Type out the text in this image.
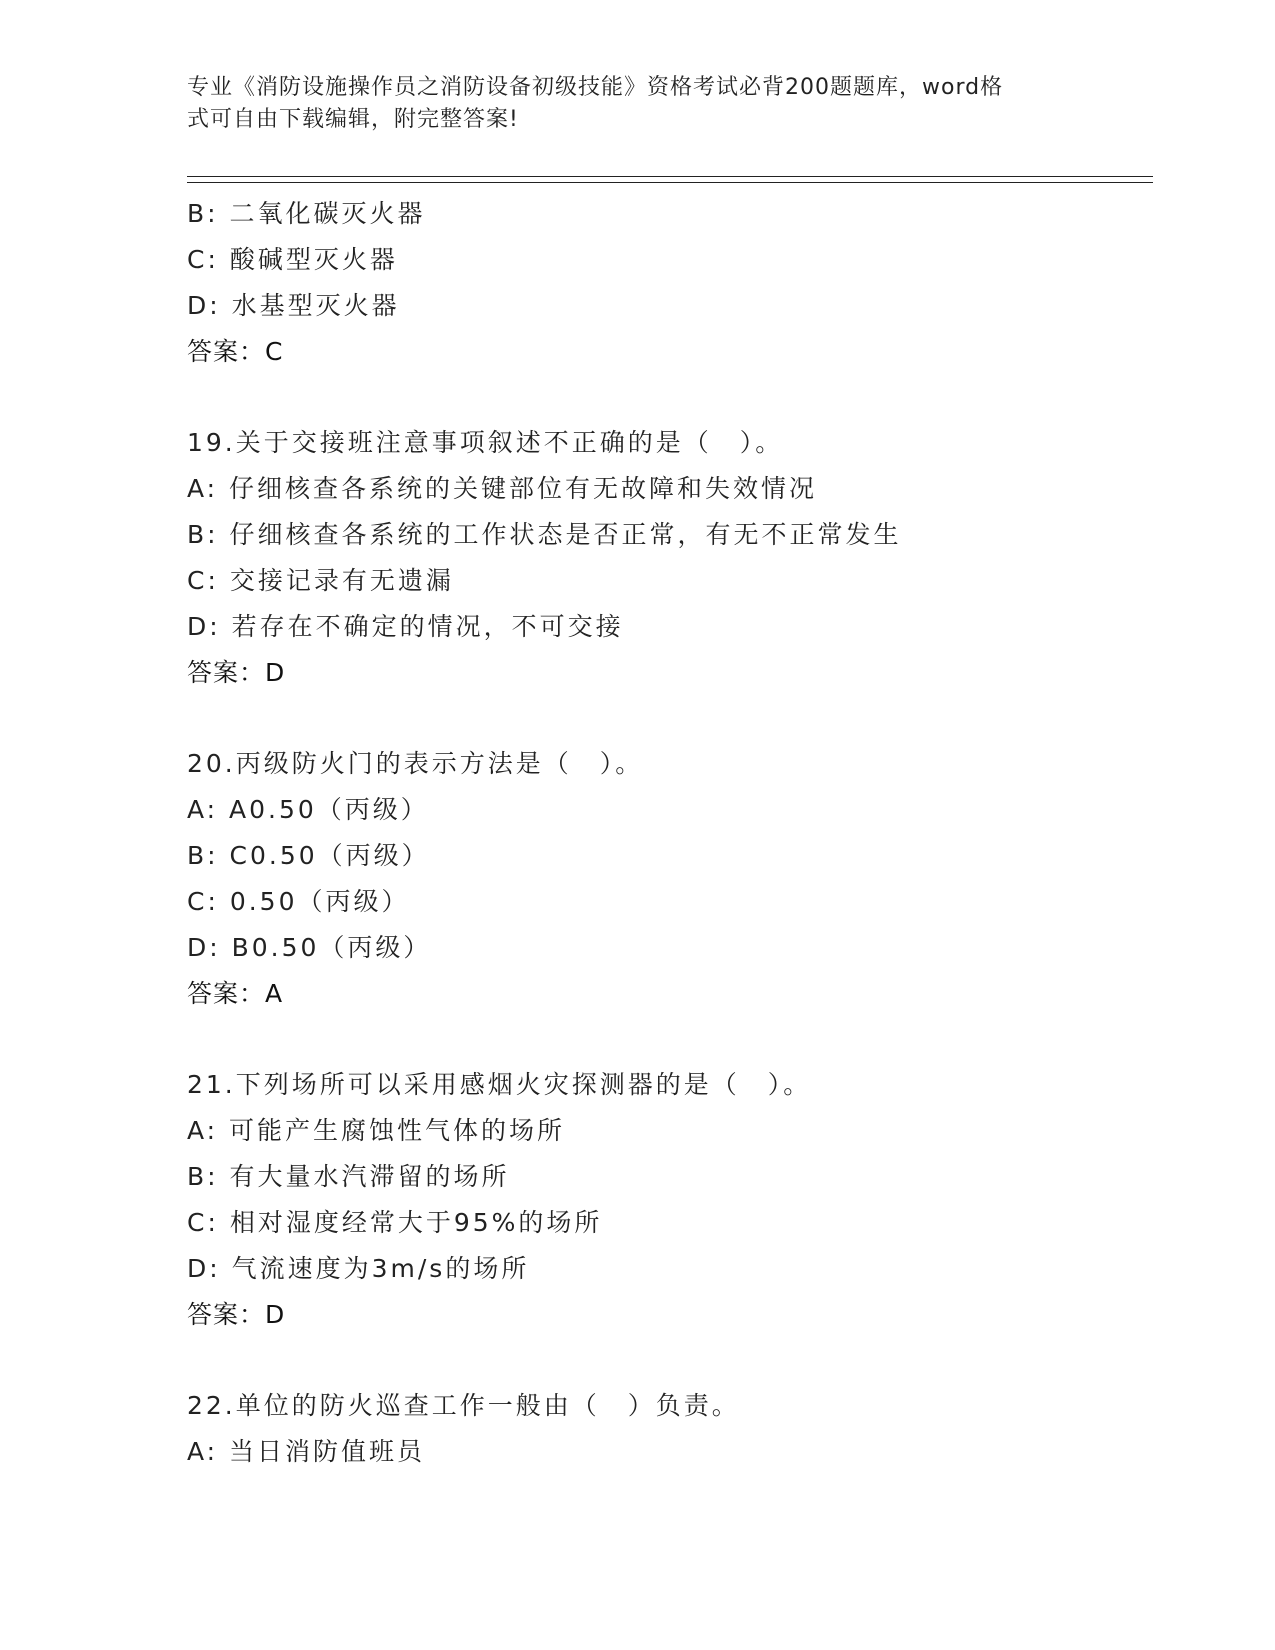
专业《消防设施操作员之消防设备初级技能》资格考试必背200题题库，word格
式可自由下载编辑，附完整答案!
B: 二氧化碳灭火器
C: 酸碱型灭火器
D: 水基型灭火器
答案：C
19.关于交接班注意事项叙述不正确的是（　）。
A: 仔细核查各系统的关键部位有无故障和失效情况
B: 仔细核查各系统的工作状态是否正常，有无不正常发生
C: 交接记录有无遗漏
D: 若存在不确定的情况，不可交接
答案：D
20.丙级防火门的表示方法是（　）。
A: A0.50（丙级）
B: C0.50（丙级）
C: 0.50（丙级）
D: B0.50（丙级）
答案：A
21.下列场所可以采用感烟火灾探测器的是（　）。
A: 可能产生腐蚀性气体的场所
B: 有大量水汽滞留的场所
C: 相对湿度经常大于95%的场所
D: 气流速度为3m/s的场所
答案：D
22.单位的防火巡查工作一般由（　）负责。
A: 当日消防值班员
